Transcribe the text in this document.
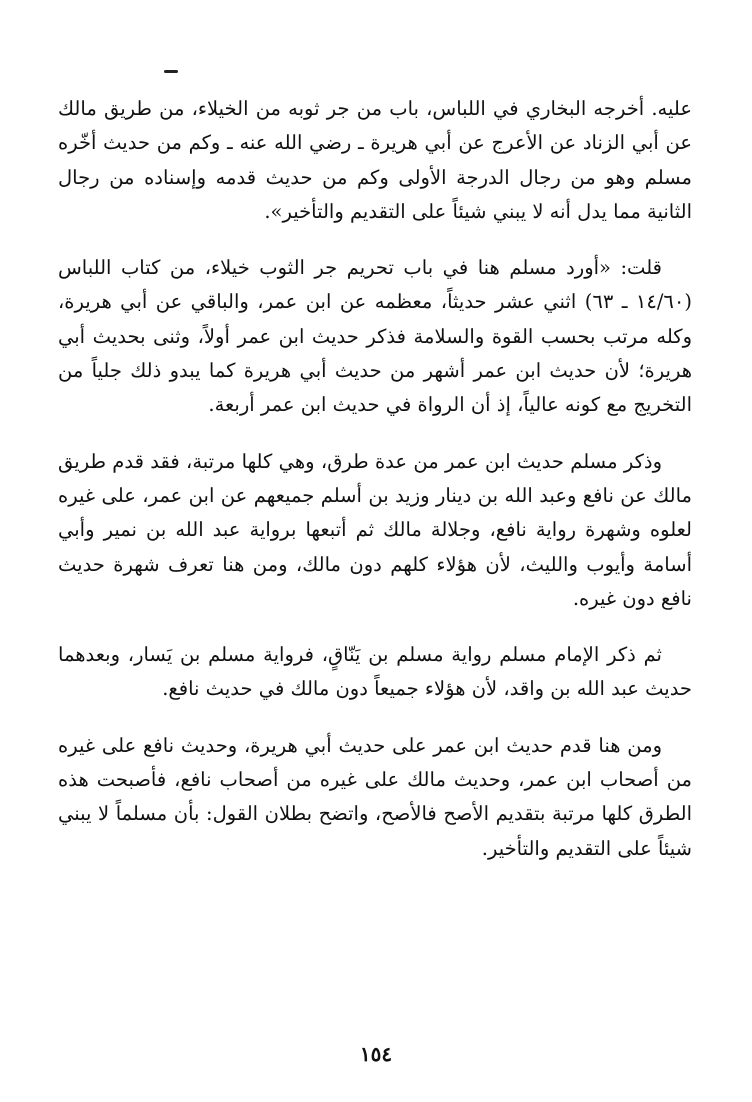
عليه. أخرجه البخاري في اللباس، باب من جر ثوبه من الخيلاء، من طريق مالك عن أبي الزناد عن الأعرج عن أبي هريرة ـ رضي الله عنه ـ وكم من حديث أخّره مسلم وهو من رجال الدرجة الأولى وكم من حديث قدمه وإسناده من رجال الثانية مما يدل أنه لا يبني شيئاً على التقديم والتأخير».

قلت: «أورد مسلم هنا في باب تحريم جر الثوب خيلاء، من كتاب اللباس (١٤/٦٠ ـ ٦٣) اثني عشر حديثاً، معظمه عن ابن عمر، والباقي عن أبي هريرة، وكله مرتب بحسب القوة والسلامة فذكر حديث ابن عمر أولاً، وثنى بحديث أبي هريرة؛ لأن حديث ابن عمر أشهر من حديث أبي هريرة كما يبدو ذلك جلياً من التخريج مع كونه عالياً، إذ أن الرواة في حديث ابن عمر أربعة.

وذكر مسلم حديث ابن عمر من عدة طرق، وهي كلها مرتبة، فقد قدم طريق مالك عن نافع وعبد الله بن دينار وزيد بن أسلم جميعهم عن ابن عمر، على غيره لعلوه وشهرة رواية نافع، وجلالة مالك ثم أتبعها برواية عبد الله بن نمير وأبي أسامة وأيوب والليث، لأن هؤلاء كلهم دون مالك، ومن هنا تعرف شهرة حديث نافع دون غيره.

ثم ذكر الإمام مسلم رواية مسلم بن يَنّاقٍ، فرواية مسلم بن يَسار، وبعدهما حديث عبد الله بن واقد، لأن هؤلاء جميعاً دون مالك في حديث نافع.

ومن هنا قدم حديث ابن عمر على حديث أبي هريرة، وحديث نافع على غيره من أصحاب ابن عمر، وحديث مالك على غيره من أصحاب نافع، فأصبحت هذه الطرق كلها مرتبة بتقديم الأصح فالأصح، واتضح بطلان القول: بأن مسلماً لا يبني شيئاً على التقديم والتأخير.

١٥٤
